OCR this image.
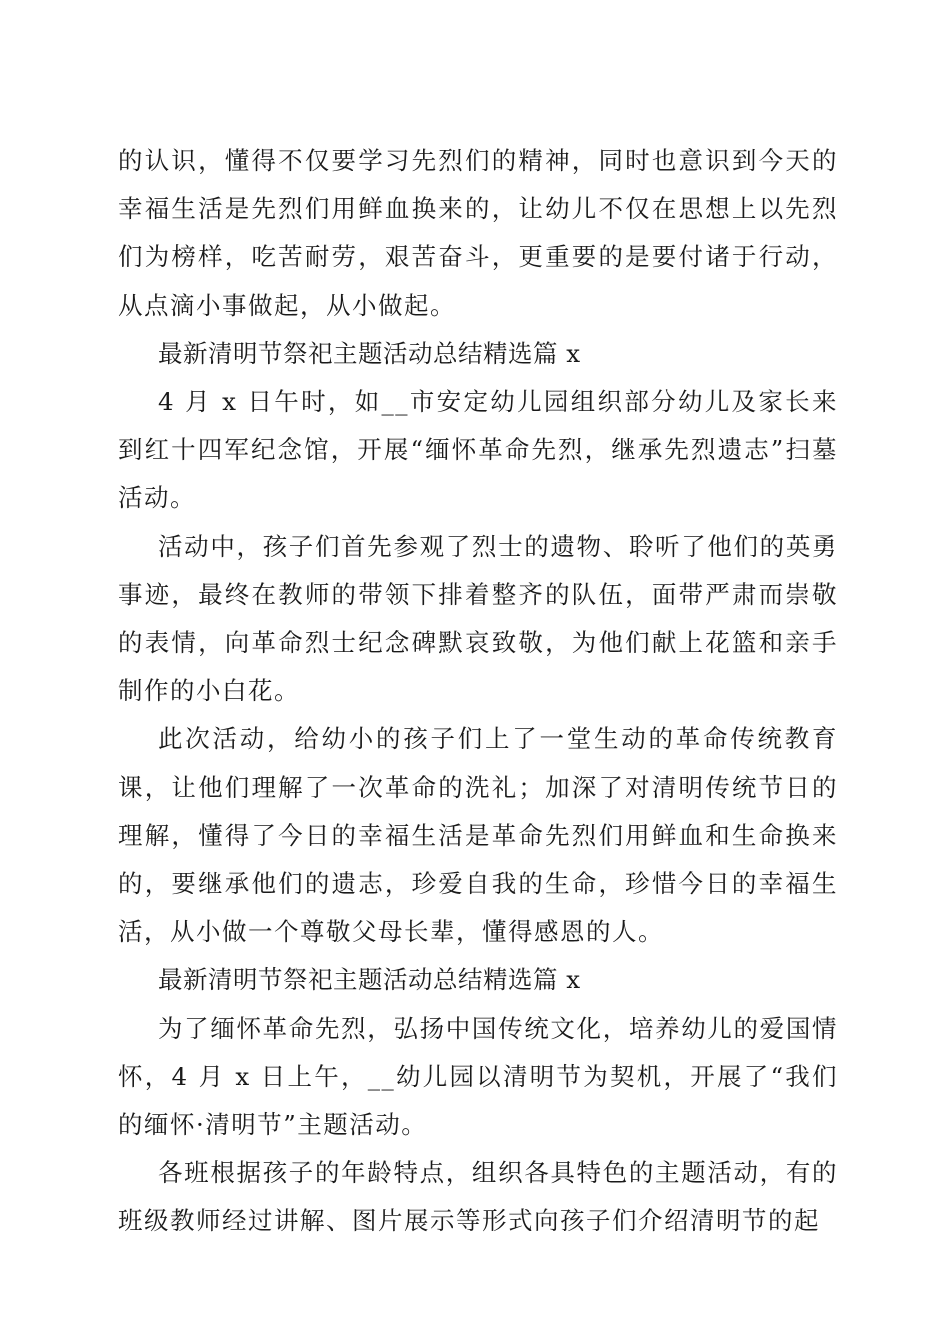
的认识，懂得不仅要学习先烈们的精神，同时也意识到今天的幸福生活是先烈们用鲜血换来的，让幼儿不仅在思想上以先烈们为榜样，吃苦耐劳，艰苦奋斗，更重要的是要付诸于行动，从点滴小事做起，从小做起。

最新清明节祭祀主题活动总结精选篇 x

4 月 x 日午时，如__市安定幼儿园组织部分幼儿及家长来到红十四军纪念馆，开展“缅怀革命先烈，继承先烈遗志”扫墓活动。

活动中，孩子们首先参观了烈士的遗物、聆听了他们的英勇事迹，最终在教师的带领下排着整齐的队伍，面带严肃而崇敬的表情，向革命烈士纪念碑默哀致敬，为他们献上花篮和亲手制作的小白花。

此次活动，给幼小的孩子们上了一堂生动的革命传统教育课，让他们理解了一次革命的洗礼；加深了对清明传统节日的理解，懂得了今日的幸福生活是革命先烈们用鲜血和生命换来的，要继承他们的遗志，珍爱自我的生命，珍惜今日的幸福生活，从小做一个尊敬父母长辈，懂得感恩的人。

最新清明节祭祀主题活动总结精选篇 x

为了缅怀革命先烈，弘扬中国传统文化，培养幼儿的爱国情怀，4 月 x 日上午，__幼儿园以清明节为契机，开展了“我们的缅怀·清明节”主题活动。

各班根据孩子的年龄特点，组织各具特色的主题活动，有的班级教师经过讲解、图片展示等形式向孩子们介绍清明节的起
